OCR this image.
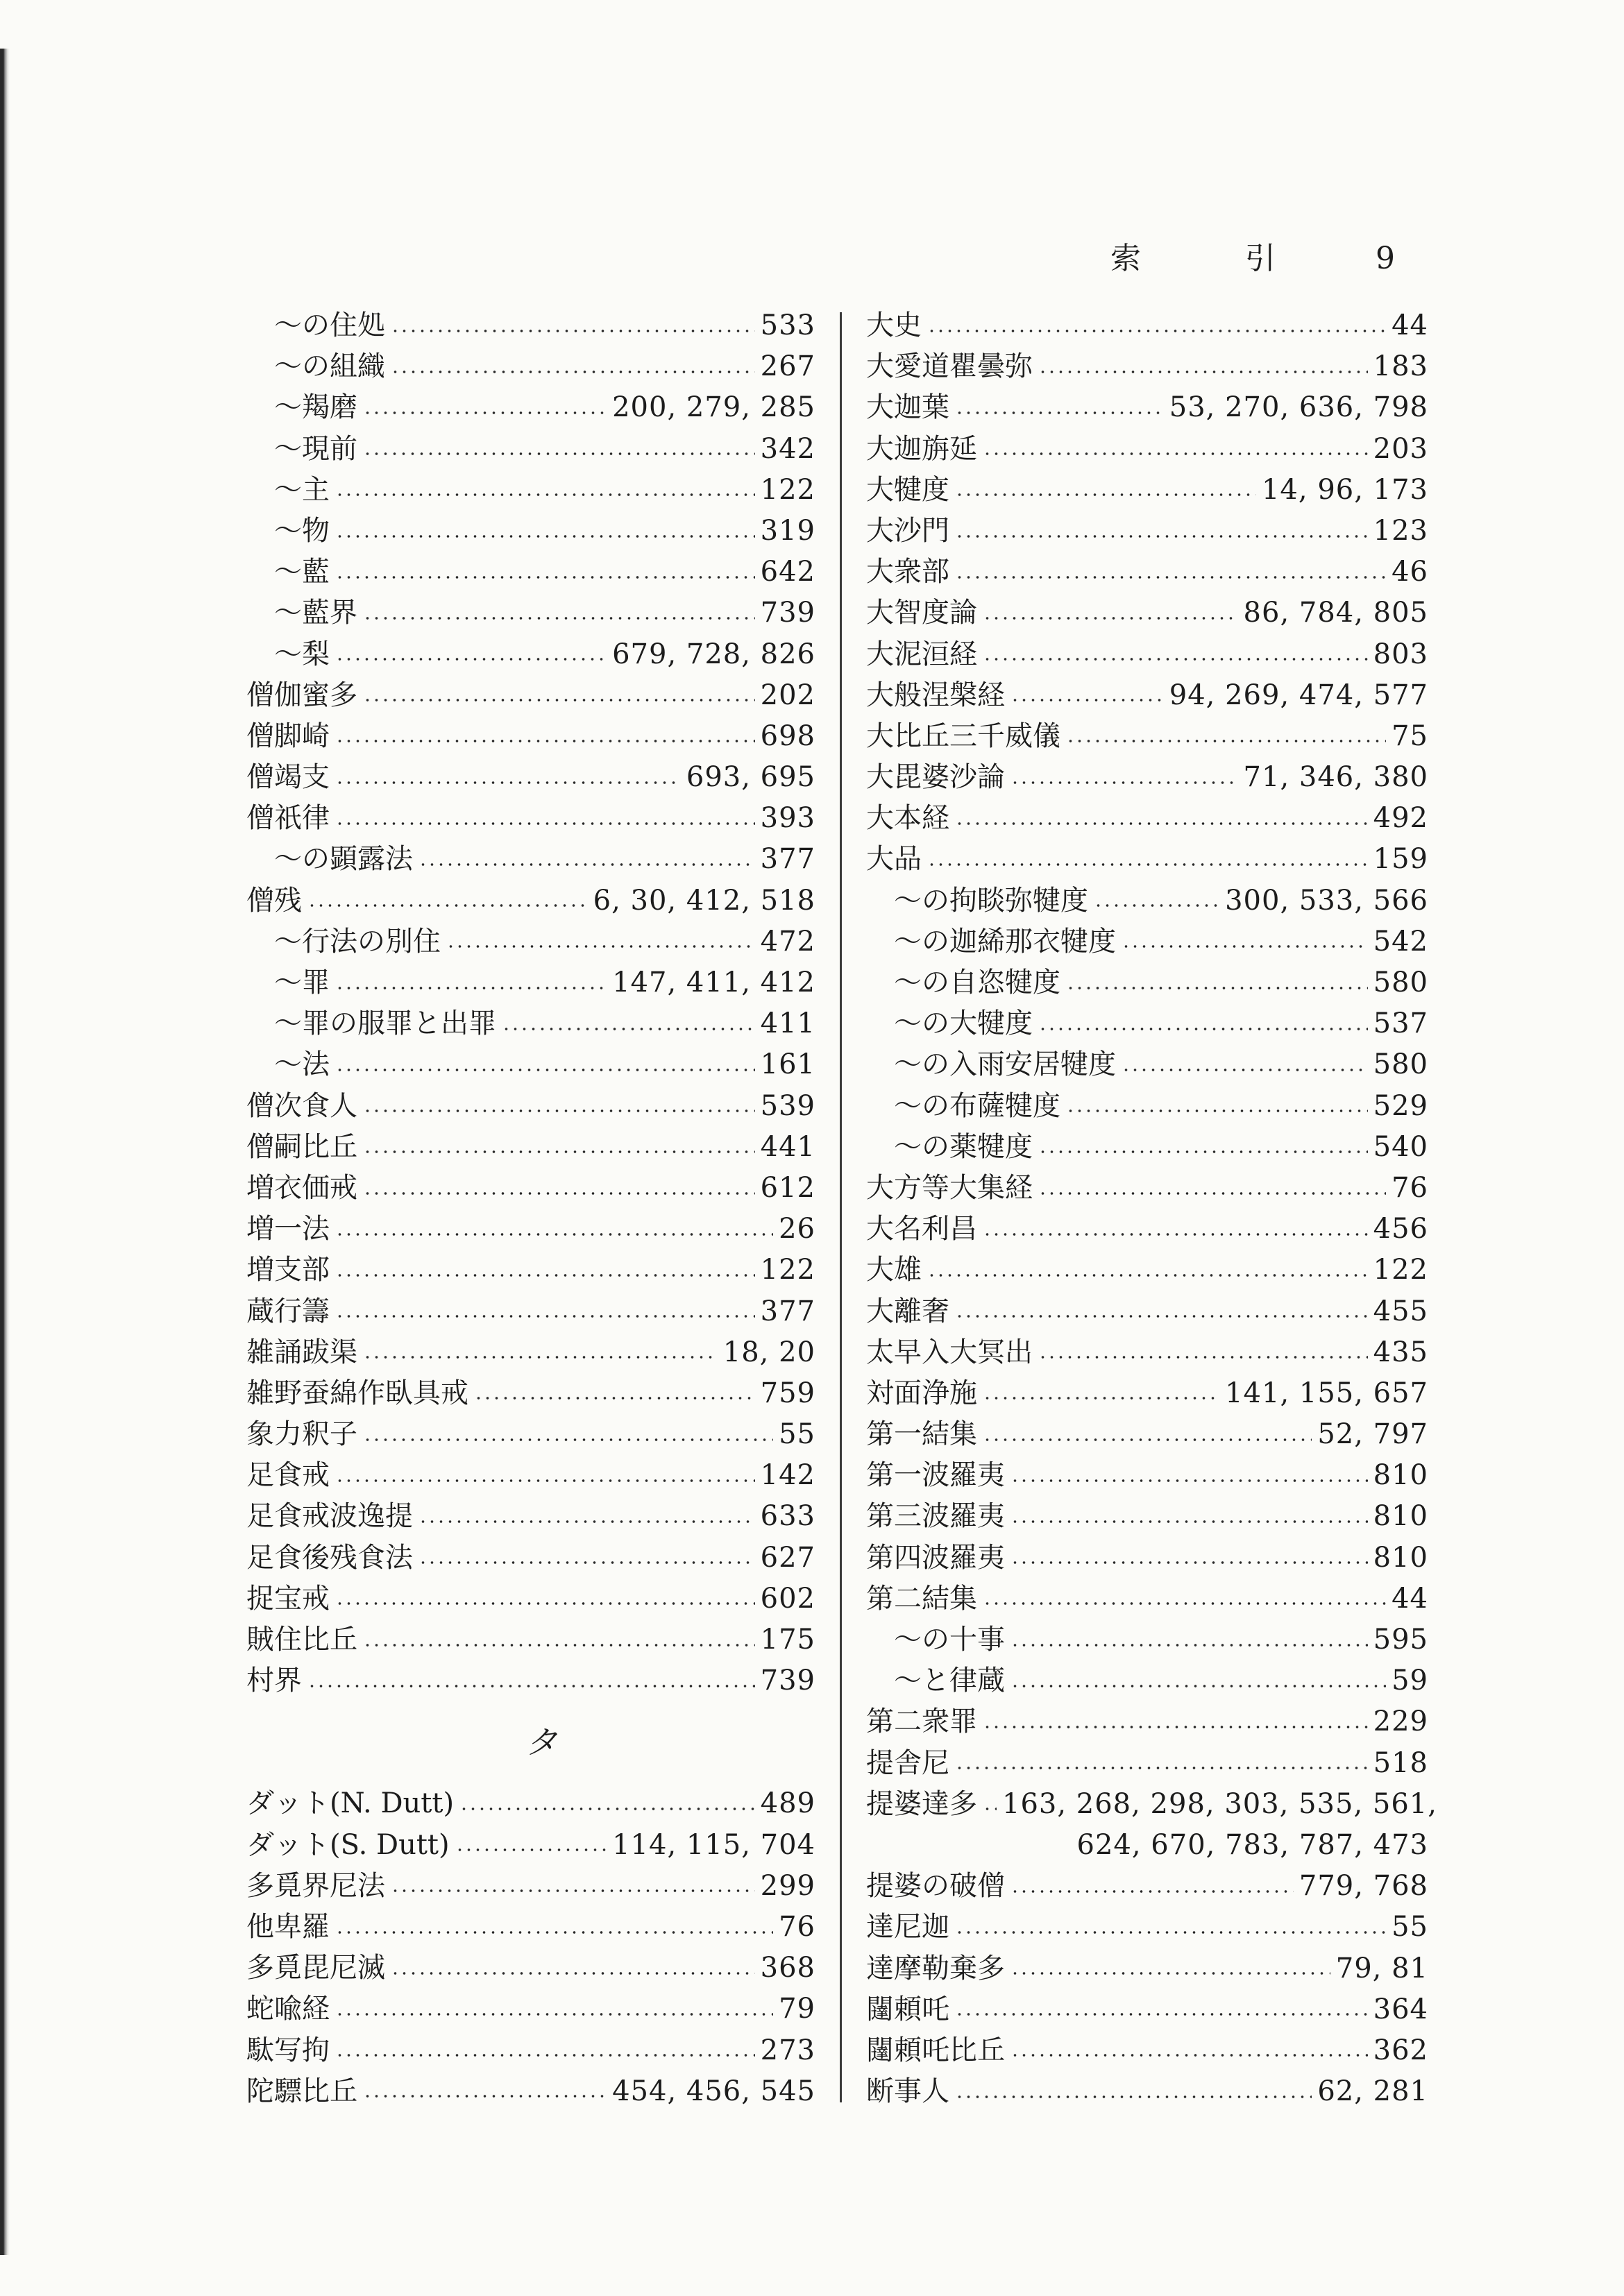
索引
9
～の住処	533
～の組織	267
～羯磨	200, 279, 285
～現前	342
～主	122
～物	319
～藍	642
～藍界	739
～梨	679, 728, 826
僧伽蜜多	202
僧脚崎	698
僧竭支	693, 695
僧祇律	393
～の顕露法	377
僧残	6, 30, 412, 518
～行法の別住	472
～罪	147, 411, 412
～罪の服罪と出罪	411
～法	161
僧次食人	539
僧嗣比丘	441
増衣価戒	612
増一法	26
増支部	122
蔵行籌	377
雑誦跋渠	18, 20
雑野蚕綿作臥具戒	759
象力釈子	55
足食戒	142
足食戒波逸提	633
足食後残食法	627
捉宝戒	602
賊住比丘	175
村界	739
タ
ダット(N. Dutt)	489
ダット(S. Dutt)	114, 115, 704
多覓界尼法	299
他卑羅	76
多覓毘尼滅	368
蛇喩経	79
駄写拘	273
陀驃比丘	454, 456, 545
大史	44
大愛道瞿曇弥	183
大迦葉	53, 270, 636, 798
大迦旃延	203
大犍度	14, 96, 173
大沙門	123
大衆部	46
大智度論	86, 784, 805
大泥洹経	803
大般涅槃経	94, 269, 474, 577
大比丘三千威儀	75
大毘婆沙論	71, 346, 380
大本経	492
大品	159
～の拘睒弥犍度	300, 533, 566
～の迦絺那衣犍度	542
～の自恣犍度	580
～の大犍度	537
～の入雨安居犍度	580
～の布薩犍度	529
～の薬犍度	540
大方等大集経	76
大名利昌	456
大雄	122
大離奢	455
太早入大冥出	435
対面浄施	141, 155, 657
第一結集	52, 797
第一波羅夷	810
第三波羅夷	810
第四波羅夷	810
第二結集	44
～の十事	595
～と律蔵	59
第二衆罪	229
提舎尼	518
提婆達多 163, 268, 298, 303, 535, 561,
624, 670, 783, 787, 473
提婆の破僧	779, 768
達尼迦	55
達摩勒棄多	79, 81
闥頼吒	364
闥頼吒比丘	362
断事人	62, 281
